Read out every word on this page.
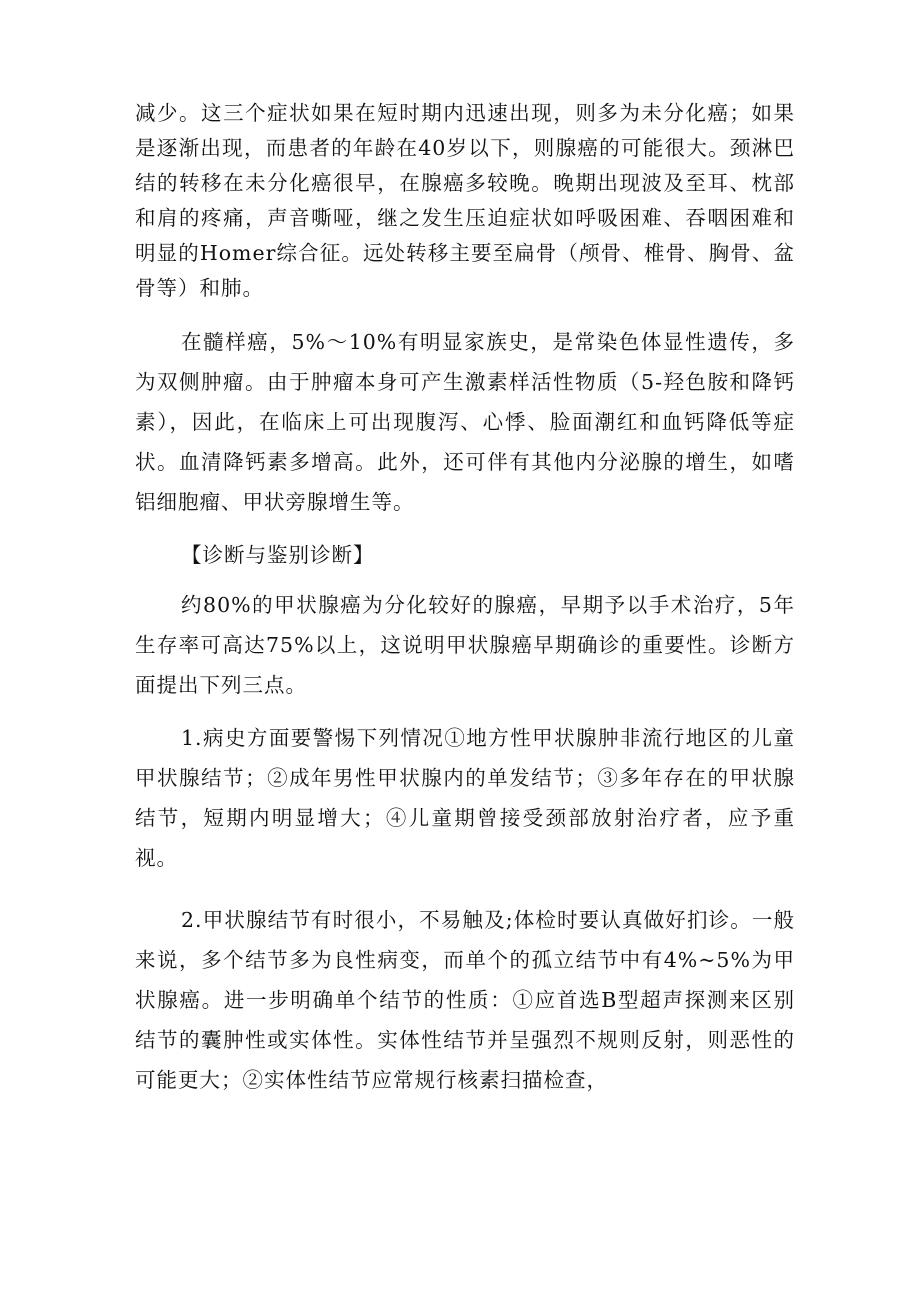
减少。这三个症状如果在短时期内迅速出现，则多为未分化癌；如果是逐渐出现，而患者的年龄在40岁以下，则腺癌的可能很大。颈淋巴结的转移在未分化癌很早，在腺癌多较晚。晚期出现波及至耳、枕部和肩的疼痛，声音嘶哑，继之发生压迫症状如呼吸困难、吞咽困难和明显的Homer综合征。远处转移主要至扁骨（颅骨、椎骨、胸骨、盆骨等）和肺。

在髓样癌，5%～10%有明显家族史，是常染色体显性遗传，多为双侧肿瘤。由于肿瘤本身可产生激素样活性物质（5-羟色胺和降钙素），因此，在临床上可出现腹泻、心悸、脸面潮红和血钙降低等症状。血清降钙素多增高。此外，还可伴有其他内分泌腺的增生，如嗜铝细胞瘤、甲状旁腺增生等。

【诊断与鉴别诊断】

约80%的甲状腺癌为分化较好的腺癌，早期予以手术治疗，5年生存率可高达75%以上，这说明甲状腺癌早期确诊的重要性。诊断方面提出下列三点。

1.病史方面要警惕下列情况①地方性甲状腺肿非流行地区的儿童甲状腺结节；②成年男性甲状腺内的单发结节；③多年存在的甲状腺结节，短期内明显增大；④儿童期曾接受颈部放射治疗者，应予重视。

2.甲状腺结节有时很小，不易触及;体检时要认真做好扪诊。一般来说，多个结节多为良性病变，而单个的孤立结节中有4%~5%为甲状腺癌。进一步明确单个结节的性质：①应首选B型超声探测来区别结节的囊肿性或实体性。实体性结节并呈强烈不规则反射，则恶性的可能更大；②实体性结节应常规行核素扫描检查，
